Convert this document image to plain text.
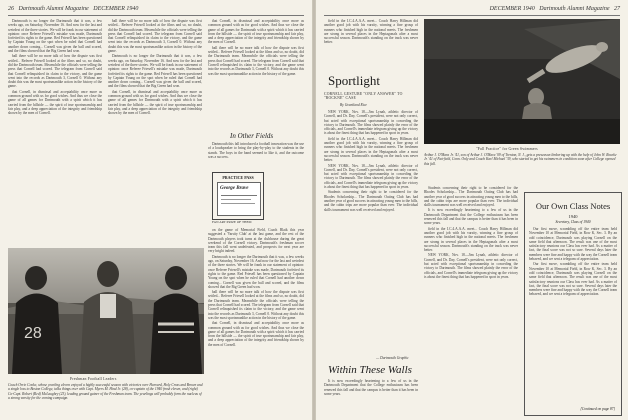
26 Dartmouth Alumni Magazine DECEMBER 1940

Dartmouth is no longer the Dartmouth that it was, a few weeks ago, on Saturday, November 16. And now for the last and weirdest of the three stories. We will be frank in our statement of opinion: once Referee Friesell's mistake was made, Dartmouth forfeited its rights to the game. Red Friesell has been questioned by Captain Young on the spot when he ruled that Cornell had another down coming... Cornell was given the ball and scored, and the films showed that the Big Green had won.

ball there will be no more talk of how the dispute was first settled... Referee Friesell looked at the films and so, no doubt, did the Dartmouth team. Meanwhile the officials were telling the press that Cornell had scored. The telegram from Cornell said that Cornell relinquished its claim to the victory, and the game went into the records as Dartmouth 3, Cornell 0. Without any doubt this was the most sportsmanlike action in the history of the game.

that Cornell, in dismissal and acceptability once more as common ground with us for good wishes. And thus we close the game of all games for Dartmouth with a spirit which it has carried from the hillside — the spirit of true sportsmanship and fair play, and a deep appreciation of the integrity and friendship shown by the men of Cornell.

ball there will be no more talk of how the dispute was first settled... Referee Friesell looked at the films and so, no doubt, did the Dartmouth team. Meanwhile the officials were telling the press that Cornell had scored. The telegram from Cornell said that Cornell relinquished its claim to the victory, and the game went into the records as Dartmouth 3, Cornell 0. Without any doubt this was the most sportsmanlike action in the history of the game.

Dartmouth is no longer the Dartmouth that it was, a few weeks ago, on Saturday, November 16. And now for the last and weirdest of the three stories. We will be frank in our statement of opinion: once Referee Friesell's mistake was made, Dartmouth forfeited its rights to the game. Red Friesell has been questioned by Captain Young on the spot when he ruled that Cornell had another down coming... Cornell was given the ball and scored, and the films showed that the Big Green had won.

that Cornell, in dismissal and acceptability once more as common ground with us for good wishes. And thus we close the game of all games for Dartmouth with a spirit which it has carried from the hillside — the spirit of true sportsmanship and fair play, and a deep appreciation of the integrity and friendship shown by the men of Cornell.

that Cornell, in dismissal and acceptability once more as common ground with us for good wishes. And thus we close the game of all games for Dartmouth with a spirit which it has carried from the hillside — the spirit of true sportsmanship and fair play, and a deep appreciation of the integrity and friendship shown by the men of Cornell.

ball there will be no more talk of how the dispute was first settled... Referee Friesell looked at the films and so, no doubt, did the Dartmouth team. Meanwhile the officials were telling the press that Cornell had scored. The telegram from Cornell said that Cornell relinquished its claim to the victory, and the game went into the records as Dartmouth 3, Cornell 0. Without any doubt this was the most sportsmanlike action in the history of the game.

In Other Fields

Dartmouth this fall introduced a football innovation was the use of a loudspeaker to bring the play-by-play to the students in the stands. The boys in the band seemed to like it, and the outcome was a success.

PRACTICE PASS
George Brave
FAN ART PRIZE OF THEM

on the game of Memorial Field, Coach Blaik this year suggested a 'Varsity Club' at the last game, and the rest of the Dartmouth players took turns at the clubhouse during the great weekend of the Cornell victory. Dartmouth's freshman soccer team this fall went undefeated, and prospects for next year are very bright indeed.

Dartmouth is no longer the Dartmouth that it was, a few weeks ago, on Saturday, November 16. And now for the last and weirdest of the three stories. We will be frank in our statement of opinion: once Referee Friesell's mistake was made, Dartmouth forfeited its rights to the game. Red Friesell has been questioned by Captain Young on the spot when he ruled that Cornell had another down coming... Cornell was given the ball and scored, and the films showed that the Big Green had won.

ball there will be no more talk of how the dispute was first settled... Referee Friesell looked at the films and so, no doubt, did the Dartmouth team. Meanwhile the officials were telling the press that Cornell had scored. The telegram from Cornell said that Cornell relinquished its claim to the victory, and the game went into the records as Dartmouth 3, Cornell 0. Without any doubt this was the most sportsmanlike action in the history of the game.

that Cornell, in dismissal and acceptability once more as common ground with us for good wishes. And thus we close the game of all games for Dartmouth with a spirit which it has carried from the hillside — the spirit of true sportsmanship and fair play, and a deep appreciation of the integrity and friendship shown by the men of Cornell.

28
Freshman Football Leaders
Coach Orrie Cooke, whose yearling eleven enjoyed a highly successful season with victories over Harvard, Holy Cross and Brown and a single loss to Boston College, talks things over with Capt. Myers M. Hind Jr. (28), co-captain of the 1940 frosh eleven, and (right) Co-Capt. Robert (Red) McLaughry (23), leading ground gainer of the Freshman team. The yearlings will probably form the nucleus of a strong varsity for the coming campaign.
DECEMBER 1940 Dartmouth Alumni Magazine 27

field in the I.C.4.A.A.A. meet... Coach Harry Hillman did another good job with his varsity, winning a fine group of runners who finished high in the national meets. The freshmen are strong in several places in the Heptagonals after a most successful season. Dartmouth's standing on the track was never better.

Sportlight
CORNELL GESTURE "ONLY ANSWER" TO "ROCKNE" CASE
By Grantland Rice

NEW YORK, Nov. 18—Jim Lynah, athletic director of Cornell, and Dr. Day, Cornell's president, were not only correct, but acted with exceptional sportsmanship in conceding the victory to Dartmouth. The films showed plainly the error of the officials, and Cornell's immediate telegram giving up the victory is about the finest thing that has happened in sport in years.

field in the I.C.4.A.A.A. meet... Coach Harry Hillman did another good job with his varsity, winning a fine group of runners who finished high in the national meets. The freshmen are strong in several places in the Heptagonals after a most successful season. Dartmouth's standing on the track was never better.

NEW YORK, Nov. 18—Jim Lynah, athletic director of Cornell, and Dr. Day, Cornell's president, were not only correct, but acted with exceptional sportsmanship in conceding the victory to Dartmouth. The films showed plainly the error of the officials, and Cornell's immediate telegram giving up the victory is about the finest thing that has happened in sport in years.

Students concerning their right to be considered for the Rhodes Scholarship... The Dartmouth Outing Club has had another year of good success in attracting young men to the hills, and the cabin trips are more popular than ever. The individual skills tournament was well received and enjoyed.

"Fall Practice" for Green Swimmers
Arthur J. O'Mara Jr. '41, son of Arthur J. O'Mara '09 of Trenton, N. J., gets a preseason limbering up with the help of John W. Rourke Jr. '41 of Fairfield, Conn. Only and Coach Karl Michael '39, who started to get his swimmers in condition soon after College opened this fall.

Students concerning their right to be considered for the Rhodes Scholarship... The Dartmouth Outing Club has had another year of good success in attracting young men to the hills, and the cabin trips are more popular than ever. The individual skills tournament was well received and enjoyed.

It is now exceedingly heartening to a few of us in the Dartmouth Department that the College enthusiasm has been renewed this fall and that the campus is better than it has been in some years.

field in the I.C.4.A.A.A. meet... Coach Harry Hillman did another good job with his varsity, winning a fine group of runners who finished high in the national meets. The freshmen are strong in several places in the Heptagonals after a most successful season. Dartmouth's standing on the track was never better.

NEW YORK, Nov. 18—Jim Lynah, athletic director of Cornell, and Dr. Day, Cornell's president, were not only correct, but acted with exceptional sportsmanship in conceding the victory to Dartmouth. The films showed plainly the error of the officials, and Cornell's immediate telegram giving up the victory is about the finest thing that has happened in sport in years.

— Dartmouth Graphic
Within These Walls

It is now exceedingly heartening to a few of us in the Dartmouth Department that the College enthusiasm has been renewed this fall and that the campus is better than it has been in some years.

Our Own Class Notes
1940
Secretary, Class of 1940

Our first move, scrambling off the entire team held November 10 at Memorial Field, in Row K, Sec. 3. By an odd coincidence, Dartmouth was playing Cornell on the same field that afternoon. The result was one of the most satisfactory reunions our Class has ever had. As a matter of fact, the final score was not so sure. Several days later the members were fine and happy with the way the Cornell team behaved, and we sent a telegram of appreciation.

Our first move, scrambling off the entire team held November 10 at Memorial Field, in Row K, Sec. 3. By an odd coincidence, Dartmouth was playing Cornell on the same field that afternoon. The result was one of the most satisfactory reunions our Class has ever had. As a matter of fact, the final score was not so sure. Several days later the members were fine and happy with the way the Cornell team behaved, and we sent a telegram of appreciation.

[Continued on page 87]
